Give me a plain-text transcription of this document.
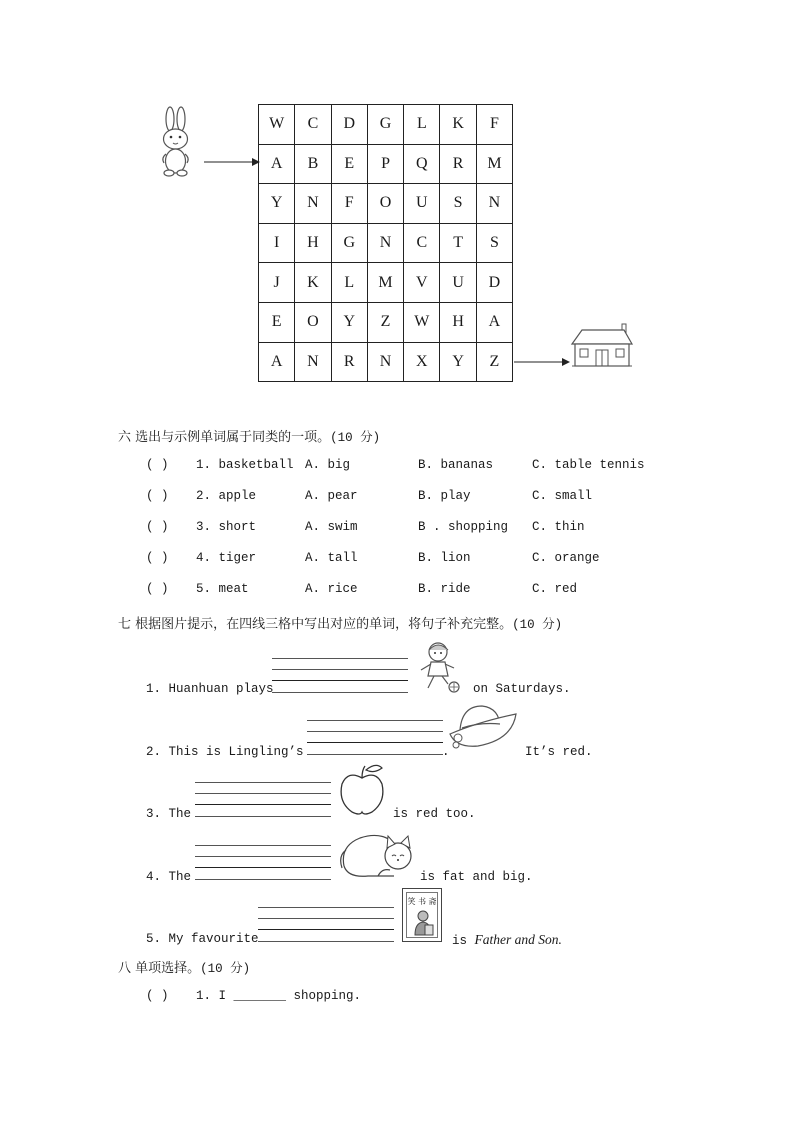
W	C	D	G	L	K	F
A	B	E	P	Q	R	M
Y	N	F	O	U	S	N
I	H	G	N	C	T	S
J	K	L	M	V	U	D
E	O	Y	Z	W	H	A
A	N	R	N	X	Y	Z
六 选出与示例单词属于同类的一项。(10 分)
( ) 1. basketball A. big	B. bananas	C. table tennis
( ) 2. apple	A. pear	B. play	C. small
( ) 3. short	A. swim	B . shopping C. thin
( ) 4. tiger	A. tall	B. lion	C. orange
( ) 5. meat	A. rice	B. ride	C. red
七 根据图片提示，在四线三格中写出对应的单词，将句子补充完整。(10 分)
1. Huanhuan plays	on Saturdays.
2. This is Lingling’s	.	It’s red.
3. The	is red too.
4. The	is fat and big.
5. My favourite
笑 书 斋
is Father and Son.
八 单项选择。(10 分)
( ) 1. I _______ shopping.
